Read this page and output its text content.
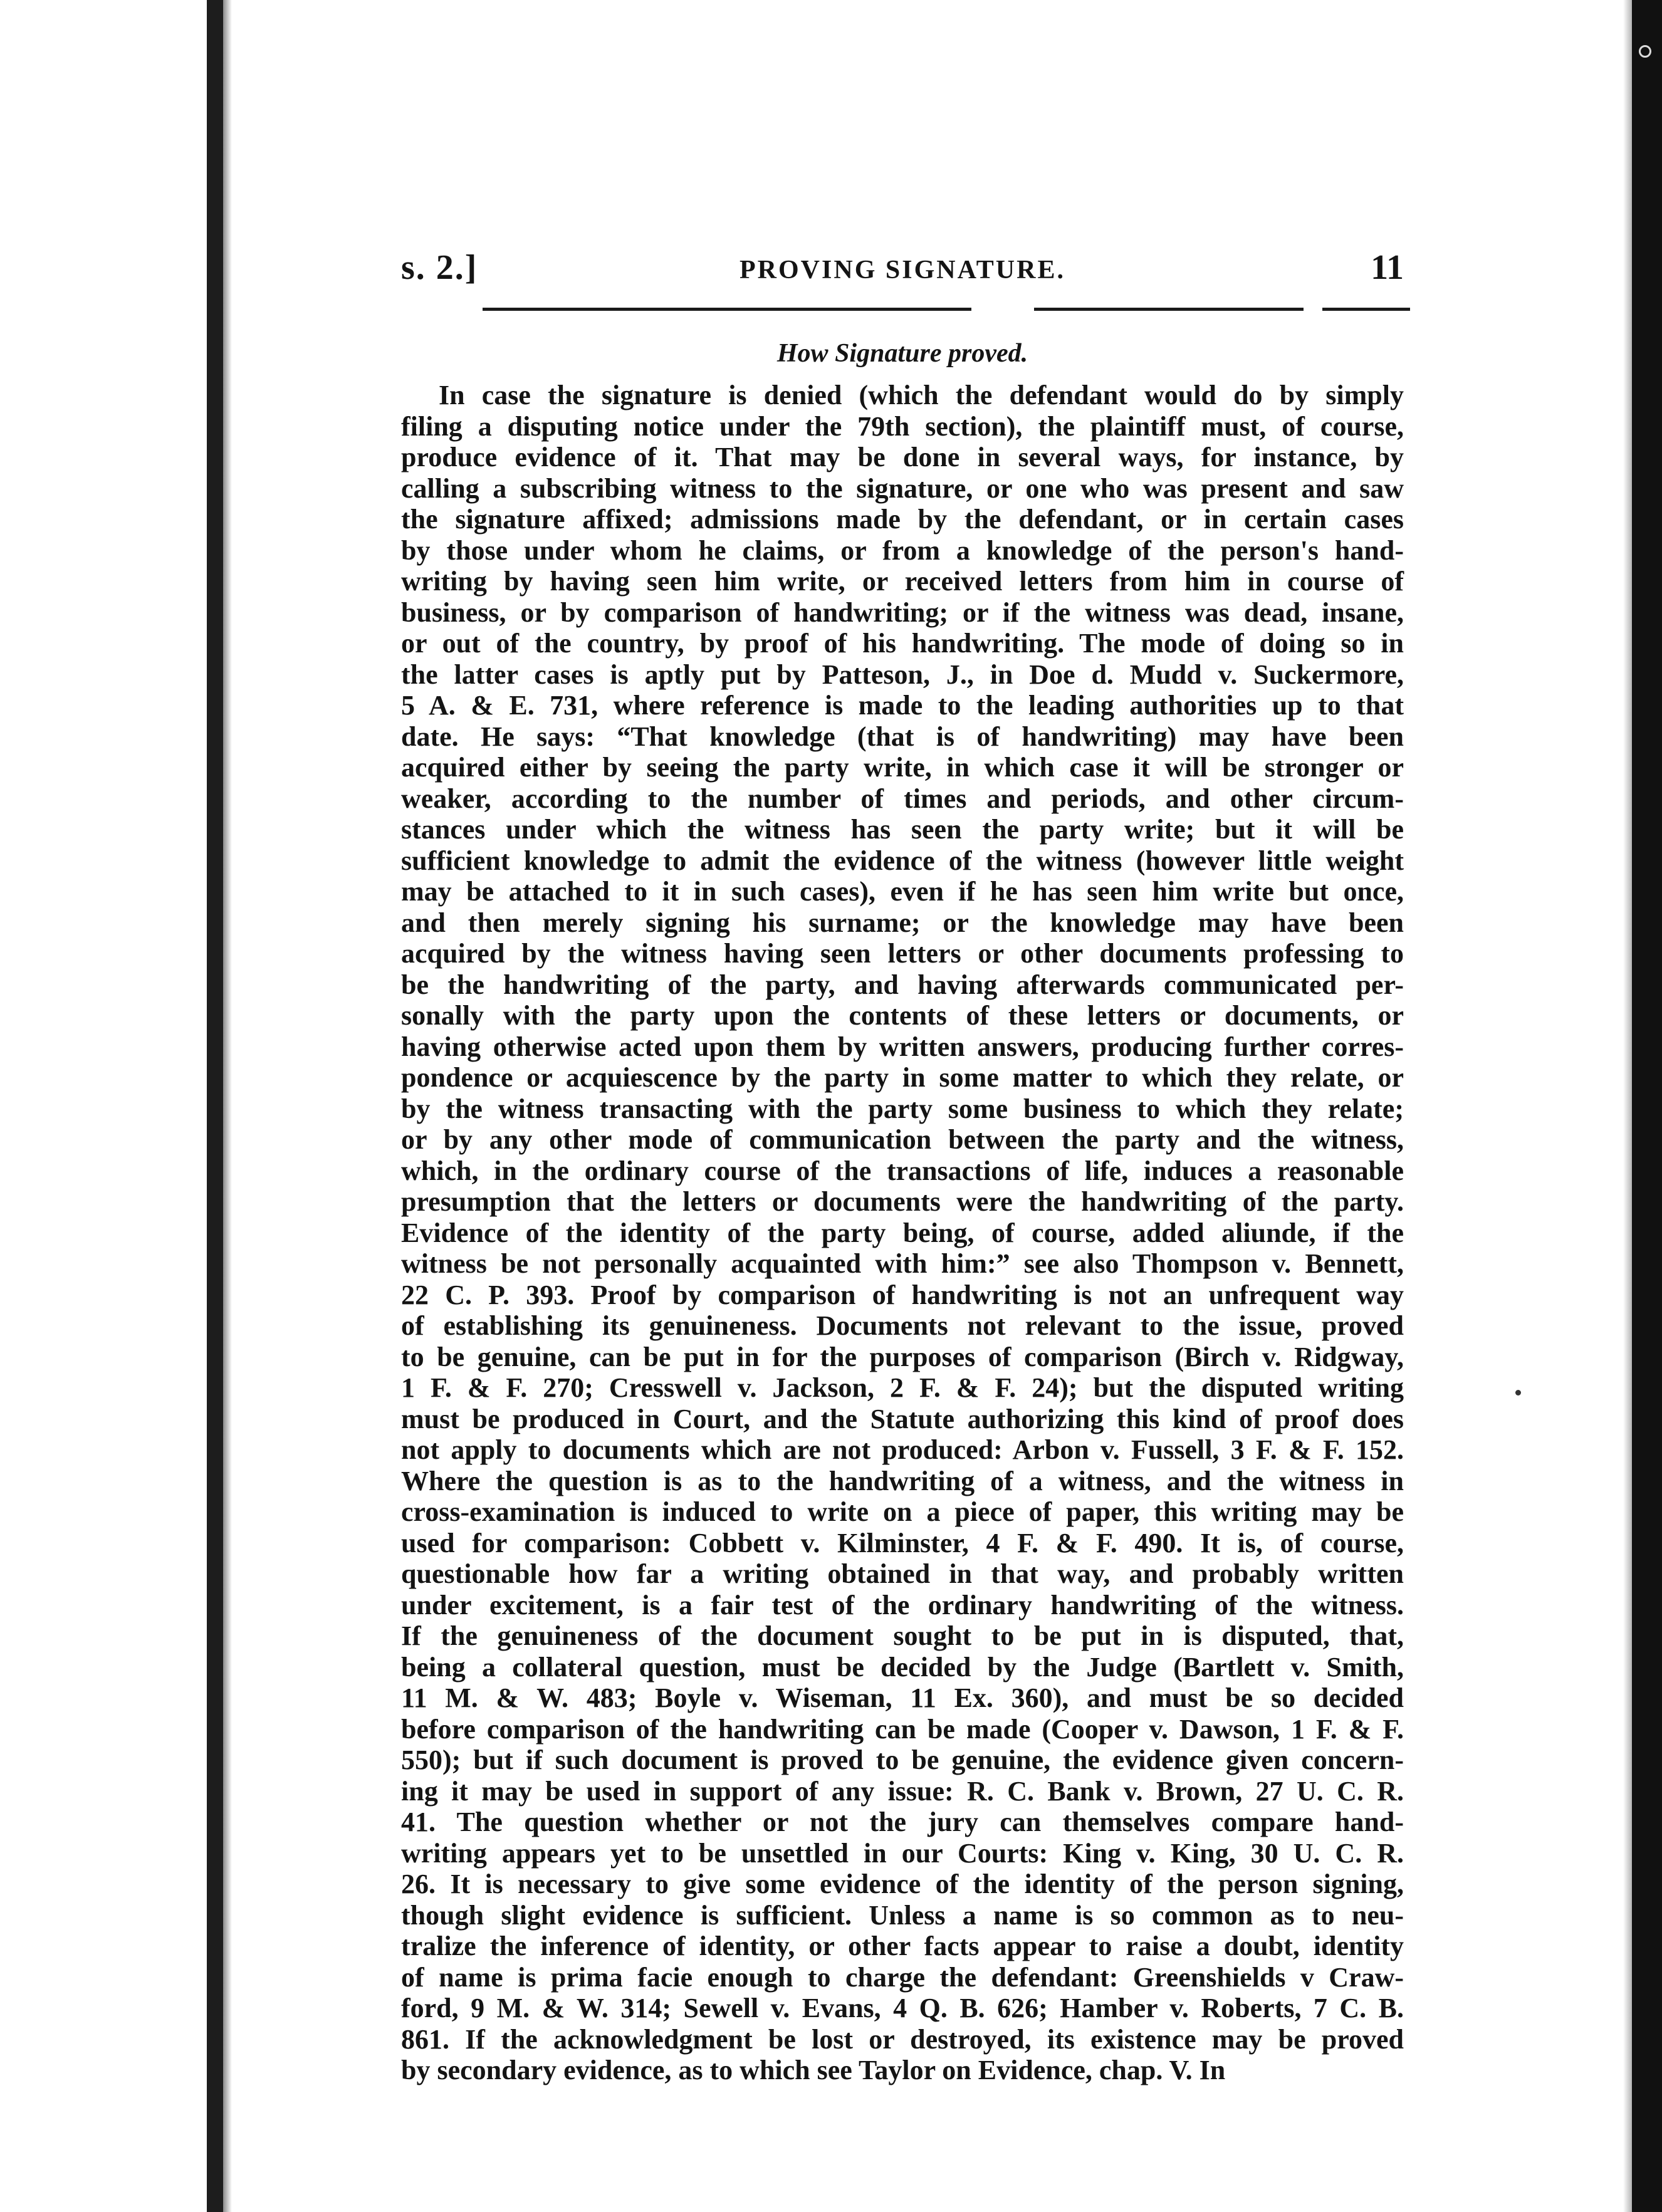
s. 2.]	PROVING SIGNATURE.	11
How Signature proved.
In case the signature is denied (which the defendant would do by simply
filing a disputing notice under the 79th section), the plaintiff must, of course,
produce evidence of it. That may be done in several ways, for instance, by
calling a subscribing witness to the signature, or one who was present and saw
the signature affixed; admissions made by the defendant, or in certain cases
by those under whom he claims, or from a knowledge of the person's hand-
writing by having seen him write, or received letters from him in course of
business, or by comparison of handwriting; or if the witness was dead, insane,
or out of the country, by proof of his handwriting. The mode of doing so in
the latter cases is aptly put by Patteson, J., in Doe d. Mudd v. Suckermore,
5 A. & E. 731, where reference is made to the leading authorities up to that
date. He says: “That knowledge (that is of handwriting) may have been
acquired either by seeing the party write, in which case it will be stronger or
weaker, according to the number of times and periods, and other circum-
stances under which the witness has seen the party write; but it will be
sufficient knowledge to admit the evidence of the witness (however little weight
may be attached to it in such cases), even if he has seen him write but once,
and then merely signing his surname; or the knowledge may have been
acquired by the witness having seen letters or other documents professing to
be the handwriting of the party, and having afterwards communicated per-
sonally with the party upon the contents of these letters or documents, or
having otherwise acted upon them by written answers, producing further corres-
pondence or acquiescence by the party in some matter to which they relate, or
by the witness transacting with the party some business to which they relate;
or by any other mode of communication between the party and the witness,
which, in the ordinary course of the transactions of life, induces a reasonable
presumption that the letters or documents were the handwriting of the party.
Evidence of the identity of the party being, of course, added aliunde, if the
witness be not personally acquainted with him:” see also Thompson v. Bennett,
22 C. P. 393. Proof by comparison of handwriting is not an unfrequent way
of establishing its genuineness. Documents not relevant to the issue, proved
to be genuine, can be put in for the purposes of comparison (Birch v. Ridgway,
1 F. & F. 270; Cresswell v. Jackson, 2 F. & F. 24); but the disputed writing
must be produced in Court, and the Statute authorizing this kind of proof does
not apply to documents which are not produced: Arbon v. Fussell, 3 F. & F. 152.
Where the question is as to the handwriting of a witness, and the witness in
cross-examination is induced to write on a piece of paper, this writing may be
used for comparison: Cobbett v. Kilminster, 4 F. & F. 490. It is, of course,
questionable how far a writing obtained in that way, and probably written
under excitement, is a fair test of the ordinary handwriting of the witness.
If the genuineness of the document sought to be put in is disputed, that,
being a collateral question, must be decided by the Judge (Bartlett v. Smith,
11 M. & W. 483; Boyle v. Wiseman, 11 Ex. 360), and must be so decided
before comparison of the handwriting can be made (Cooper v. Dawson, 1 F. & F.
550); but if such document is proved to be genuine, the evidence given concern-
ing it may be used in support of any issue: R. C. Bank v. Brown, 27 U. C. R.
41. The question whether or not the jury can themselves compare hand-
writing appears yet to be unsettled in our Courts: King v. King, 30 U. C. R.
26. It is necessary to give some evidence of the identity of the person signing,
though slight evidence is sufficient. Unless a name is so common as to neu-
tralize the inference of identity, or other facts appear to raise a doubt, identity
of name is prima facie enough to charge the defendant: Greenshields v Craw-
ford, 9 M. & W. 314; Sewell v. Evans, 4 Q. B. 626; Hamber v. Roberts, 7 C. B.
861. If the acknowledgment be lost or destroyed, its existence may be proved
by secondary evidence, as to which see Taylor on Evidence, chap. V. In
